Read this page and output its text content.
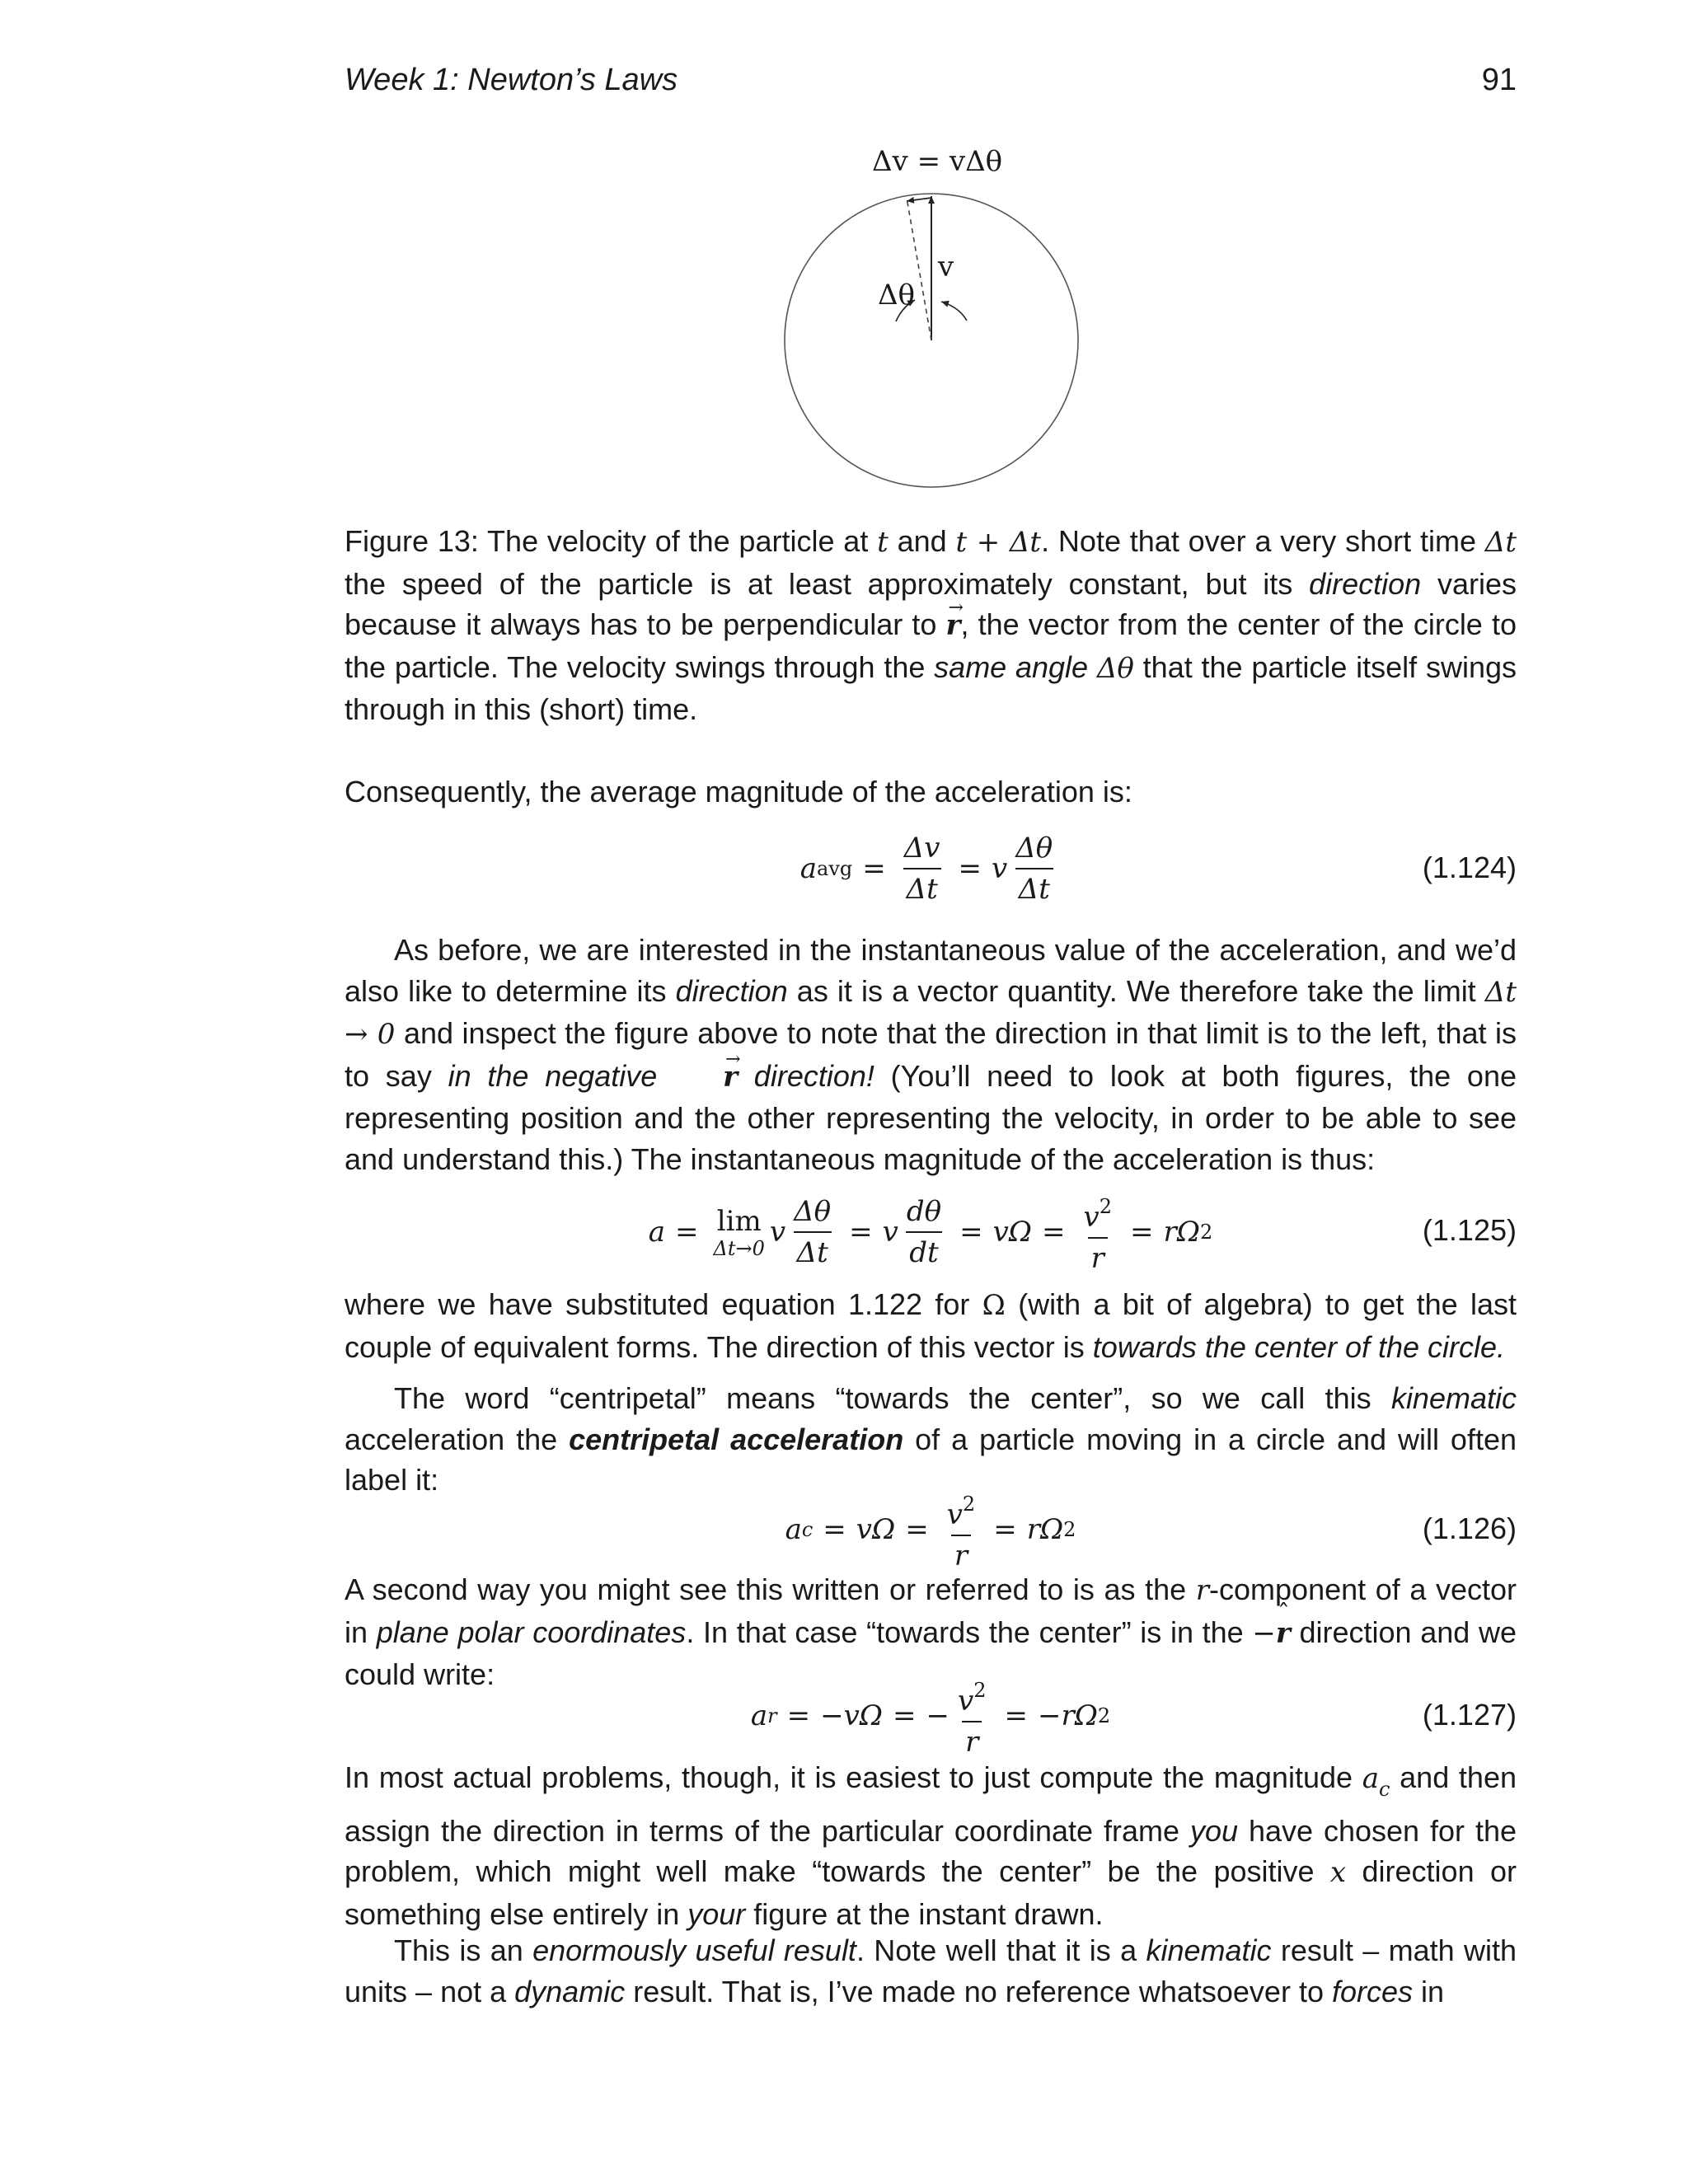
Week 1: Newton’s Laws	91
Δv = vΔθ
v
Δθ

Figure 13: The velocity of the particle at t and t + Δt. Note that over a very short time Δt the speed of the particle is at least approximately constant, but its direction varies because it always has to be perpendicular to → r, the vector from the center of the circle to the particle. The velocity swings through the same angle Δθ that the particle itself swings through in this (short) time.

Consequently, the average magnitude of the acceleration is:

a avg = $\frac{\Delta v}{\Delta t} = v \frac{\Delta\theta}{\Delta t}$	(1.124)

As before, we are interested in the instantaneous value of the acceleration, and we’d also like to determine its direction as it is a vector quantity. We therefore take the limit Δt → 0 and inspect the figure above to note that the direction in that limit is to the left, that is to say in the negative → r direction! (You’ll need to look at both figures, the one representing position and the other representing the velocity, in order to be able to see and understand this.) The instantaneous magnitude of the acceleration is thus:

a = lim
Δt→0 v $\frac{\Delta\theta}{\Delta t} = v \frac{d\theta}{dt} = v\Omega = \frac{v^2}{r} = r\Omega$ 2	(1.125)

where we have substituted equation 1.122 for Ω (with a bit of algebra) to get the last couple of equivalent forms. The direction of this vector is towards the center of the circle.

The word “centripetal” means “towards the center”, so we call this kinematic acceleration the centripetal acceleration of a particle moving in a circle and will often label it:

a $c = v\Omega = \frac{v^2}{r} = r\Omega$ 2	(1.126)

A second way you might see this written or referred to is as the r-component of a vector in plane polar coordinates. In that case “towards the center” is in the −ˆ r direction and we could write:

a r = −vΩ = − $\frac{v^2}{r} = -r\Omega$ 2	(1.127)

In most actual problems, though, it is easiest to just compute the magnitude $a_c$ and then assign the direction in terms of the particular coordinate frame you have chosen for the problem, which might well make “towards the center” be the positive x direction or something else entirely in your figure at the instant drawn.

This is an enormously useful result. Note well that it is a kinematic result – math with units – not a dynamic result. That is, I’ve made no reference whatsoever to forces in
